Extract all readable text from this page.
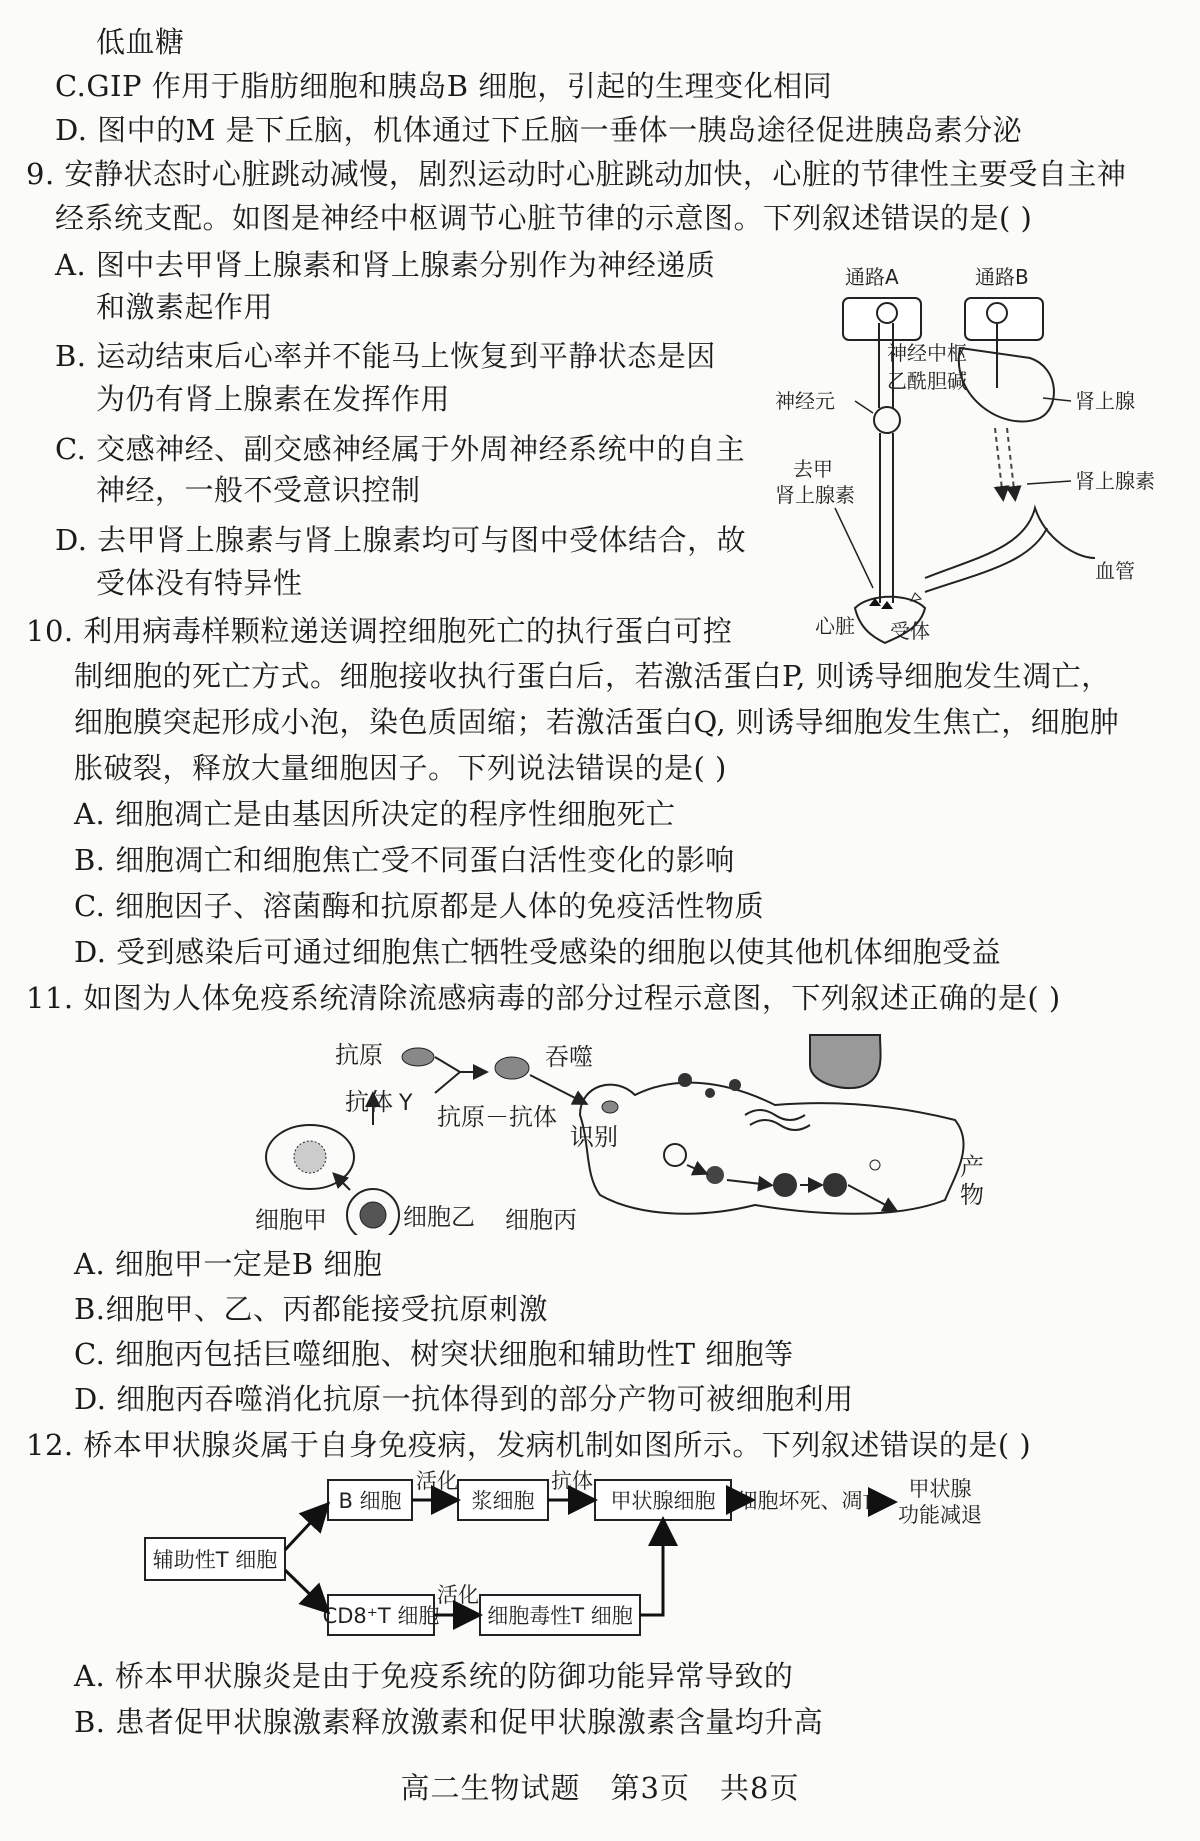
低血糖
C.GIP 作用于脂肪细胞和胰岛B 细胞，引起的生理变化相同
D. 图中的M 是下丘脑，机体通过下丘脑一垂体一胰岛途径促进胰岛素分泌
9. 安静状态时心脏跳动减慢，剧烈运动时心脏跳动加快，心脏的节律性主要受自主神
经系统支配。如图是神经中枢调节心脏节律的示意图。下列叙述错误的是( )
A. 图中去甲肾上腺素和肾上腺素分别作为神经递质
和激素起作用
B. 运动结束后心率并不能马上恢复到平静状态是因
为仍有肾上腺素在发挥作用
C. 交感神经、副交感神经属于外周神经系统中的自主
神经，一般不受意识控制
D. 去甲肾上腺素与肾上腺素均可与图中受体结合，故
受体没有特异性
通路A	通路B
神经中枢
乙酰胆碱
神经元	肾上腺
肾上腺素
去甲
肾上腺素
血管
心脏 受体
10. 利用病毒样颗粒递送调控细胞死亡的执行蛋白可控
制细胞的死亡方式。细胞接收执行蛋白后，若激活蛋白P, 则诱导细胞发生凋亡，
细胞膜突起形成小泡，染色质固缩；若激活蛋白Q, 则诱导细胞发生焦亡，细胞肿
胀破裂，释放大量细胞因子。下列说法错误的是( )
A. 细胞凋亡是由基因所决定的程序性细胞死亡
B. 细胞凋亡和细胞焦亡受不同蛋白活性变化的影响
C. 细胞因子、溶菌酶和抗原都是人体的免疫活性物质
D. 受到感染后可通过细胞焦亡牺牲受感染的细胞以使其他机体细胞受益
11. 如图为人体免疫系统清除流感病毒的部分过程示意图，下列叙述正确的是( )
抗原
抗体 Y 抗原－抗体
吞噬
识别
细胞甲	细胞乙 细胞丙
产
物
A. 细胞甲一定是B 细胞
B.细胞甲、乙、丙都能接受抗原刺激
C. 细胞丙包括巨噬细胞、树突状细胞和辅助性T 细胞等
D. 细胞丙吞噬消化抗原一抗体得到的部分产物可被细胞利用
12. 桥本甲状腺炎属于自身免疫病，发病机制如图所示。下列叙述错误的是( )
辅助性T 细胞
B 细胞	浆细胞	甲状腺细胞 细胞坏死、凋亡 甲状腺
功能减退
CD8⁺T 细胞 细胞毒性T 细胞
活化	抗体
活化
A. 桥本甲状腺炎是由于免疫系统的防御功能异常导致的
B. 患者促甲状腺激素释放激素和促甲状腺激素含量均升高
高二生物试题　第3页　共8页
